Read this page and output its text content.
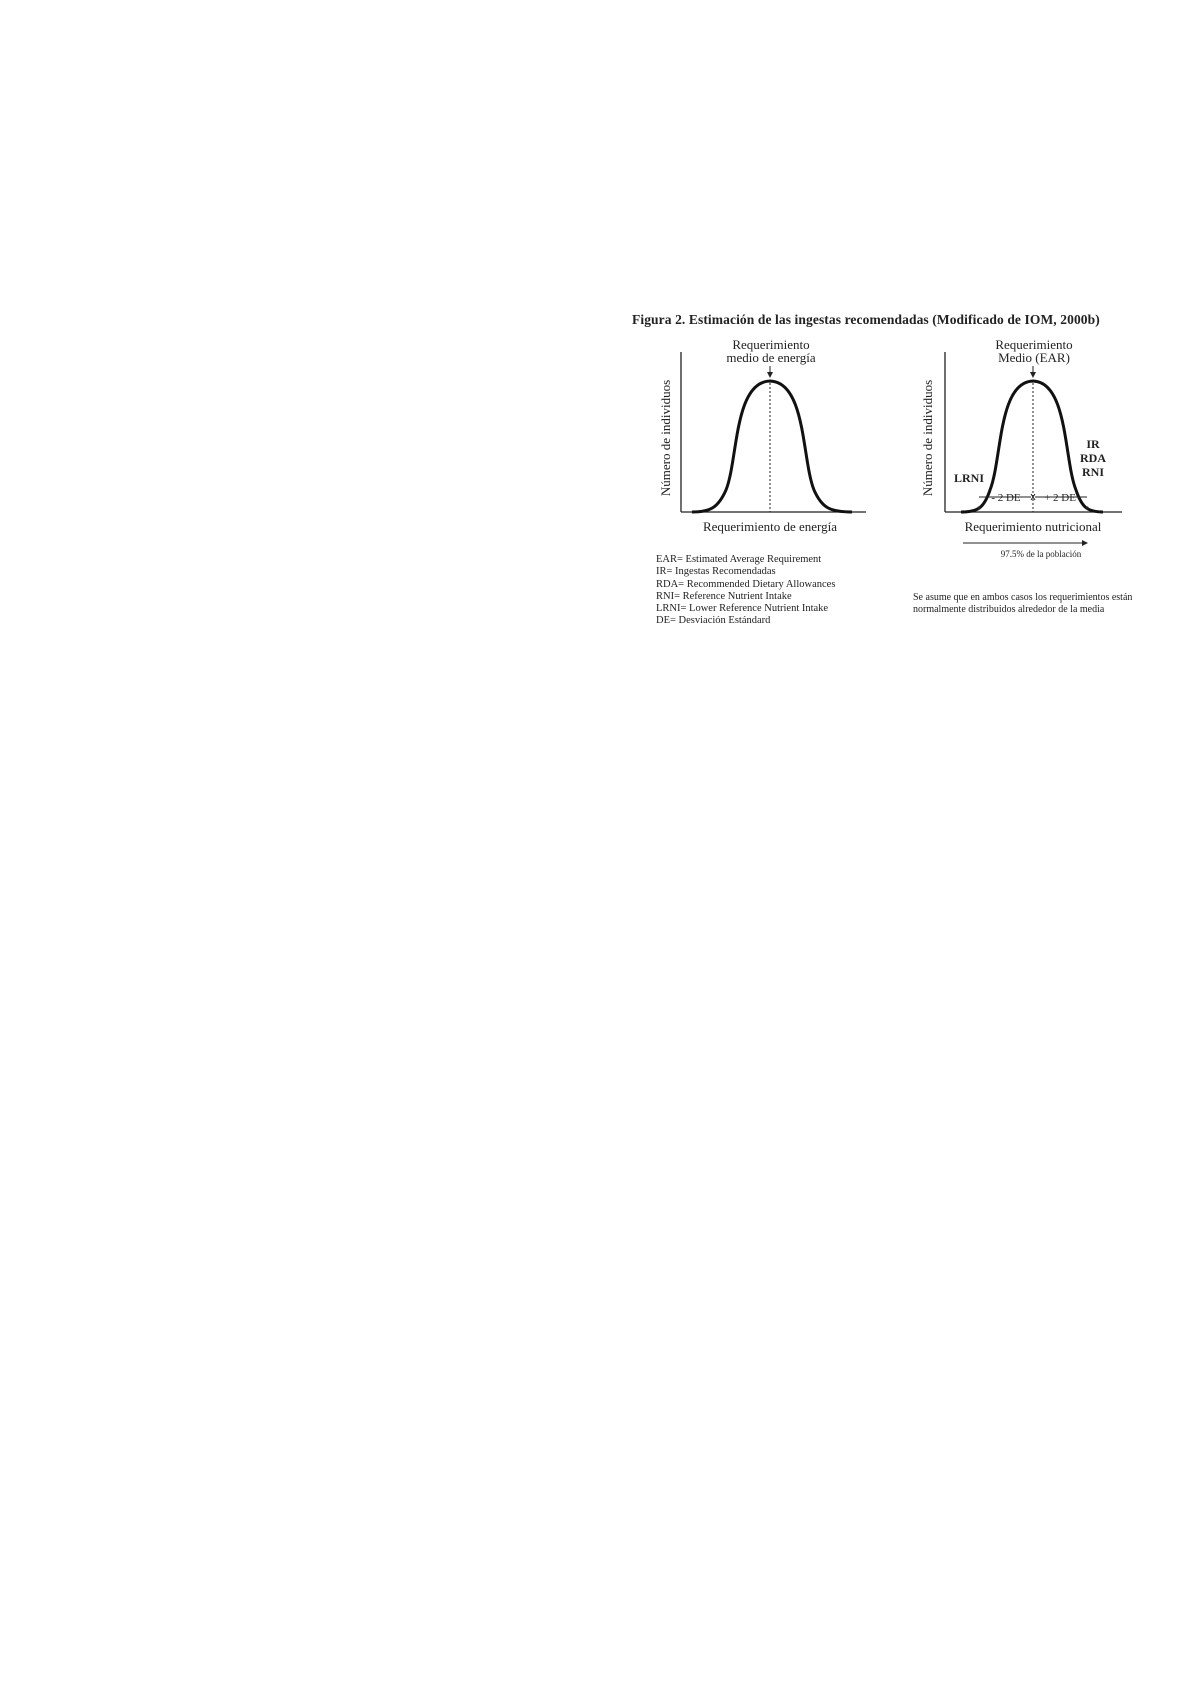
Figura 2. Estimación de las ingestas recomendadas (Modificado de IOM, 2000b)
Requerimiento
medio de energía
Número de individuos
Requerimiento de energía
Requerimiento
Medio (EAR)
Número de individuos LRNI
IR
RDA
RNI
- 2 DE + 2 DE
Requerimiento nutricional
97.5% de la población
EAR= Estimated Average Requirement
IR= Ingestas Recomendadas
RDA= Recommended Dietary Allowances
RNI= Reference Nutrient Intake
LRNI= Lower Reference Nutrient Intake
DE= Desviación Estándard
Se asume que en ambos casos los requerimientos están normalmente distribuidos alrededor de la media
